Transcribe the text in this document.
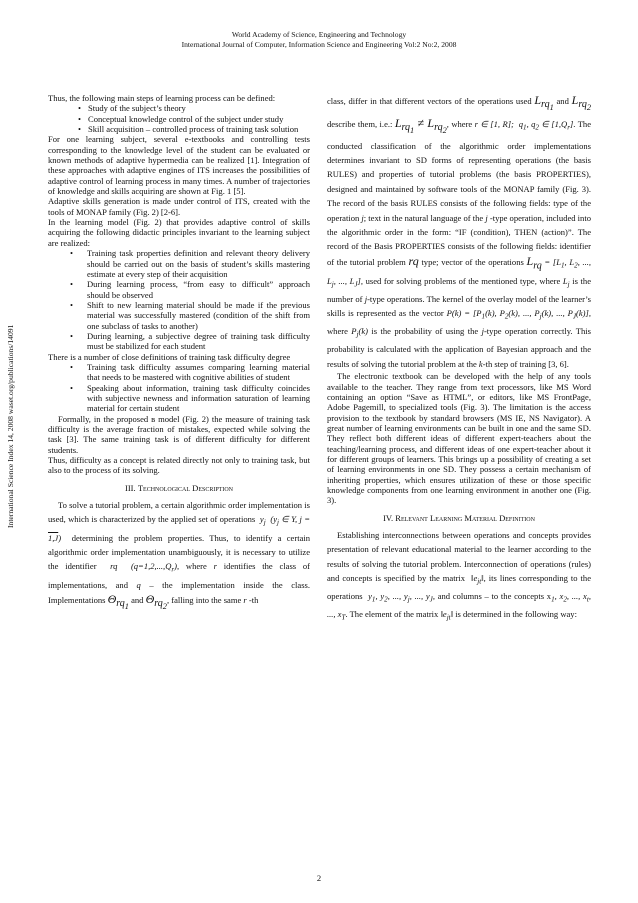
World Academy of Science, Engineering and Technology
International Journal of Computer, Information Science and Engineering Vol:2 No:2, 2008
International Science Index 14, 2008 waset.org/publications/14091

Thus, the following main steps of learning process can be defined:

• Study of the subject’s theory
• Conceptual knowledge control of the subject under study
• Skill acquisition – controlled process of training task solution

For one learning subject, several e-textbooks and controlling tests corresponding to the knowledge level of the student can be evaluated or known methods of adaptive hypermedia can be realized [1]. Integration of these approaches with adaptive engines of ITS increases the possibilities of adaptive control of learning process in many times. A number of trajectories of knowledge and skills acquiring are shown at Fig. 1 [5].

Adaptive skills generation is made under control of ITS, created with the tools of MONAP family (Fig. 2) [2-6].

In the learning model (Fig. 2) that provides adaptive control of skills acquiring the following didactic principles invariant to the learning subject are realized:

• Training task properties definition and relevant theory delivery should be carried out on the basis of student’s skills mastering estimate at every step of their acquisition
• During learning process, “from easy to difficult” approach should be observed
• Shift to new learning material should be made if the previous material was successfully mastered (condition of the shift from one subclass of tasks to another)
• During learning, a subjective degree of training task difficulty must be stabilized for each student

There is a number of close definitions of training task difficulty degree

• Training task difficulty assumes comparing learning material that needs to be mastered with cognitive abilities of student
• Speaking about information, training task difficulty coincides with subjective newness and information saturation of learning material for certain student

Formally, in the proposed в model (Fig. 2) the measure of training task difficulty is the average fraction of mistakes, expected while solving the task [3]. The same training task is of different difficulty for different students.

Thus, difficulty as a concept is related directly not only to training task, but also to the process of its solving.

III. Technological Description

To solve a tutorial problem, a certain algorithmic order implementation is used, which is characterized by the applied set of operations  $y_j$  ($y_j$ ∈ Y, j = 1,J)  determining the problem properties. Thus, to identify a certain algorithmic order implementation unambiguously, it is necessary to utilize the identifier  rq  $(q=1,2,...,Q_r)$, where r identifies the class of implementations, and q – the implementation inside the class. Implementations $\Theta_{rq_1}$ and $\Theta_{rq_2}$, falling into the same r -th

class, differ in that different vectors of the operations used $L_{rq_1}$ and $L_{rq_2}$ describe them, i.e.: $L_{rq_1} \ne L_{rq_2}$, where r ∈ [1, R];  $q_1$, $q_2$ ∈ $[1,Q_r]$. The conducted classification of the algorithmic order implementations determines invariant to SD forms of representing operations (the basis RULES) and properties of tutorial problems (the basis PROPERTIES), designed and maintained by software tools of the MONAP family (Fig. 3). The record of the basis RULES consists of the following fields: type of the operation j; text in the natural language of the j -type operation, included into the algorithmic order in the form: “IF (condition), THEN (action)”. The record of the Basis PROPERTIES consists of the following fields: identifier of the tutorial problem rq type; vector of the operations $L_{rq} = [L_1$, $L_2$, ..., $L_j$, ..., $L_J$], used for solving problems of the mentioned type, where $L_j$ is the number of j-type operations. The kernel of the overlay model of the learner’s skills is represented as the vector $P(k) = [P_1(k)$, $P_2(k)$, ..., $P_j(k)$, ..., $P_J(k)$], where $P_j(k)$ is the probability of using the j-type operation correctly. This probability is calculated with the application of Bayesian approach and the results of solving the tutorial problem at the k-th step of training [3, 6].

The electronic textbook can be developed with the help of any tools available to the teacher. They range from text processors, like MS Word containing an option “Save as HTML”, or editors, like MS FrontPage, Adobe Pagemill, to specialized tools (Fig. 3). The limitation is the access provision to the textbook by standard browsers (MS IE, NS Navigator). A great number of learning environments can be built in one and the same SD. They reflect both different ideas of different expert-teachers about the teaching/learning process, and different ideas of one expert-teacher about it for different groups of learners. This brings up a possibility of creating a set of learning environments in one SD. They possess a certain mechanism of inheriting properties, which ensures utilization of these or those specific knowledge components from one learning environment in another one (Fig. 3).

IV. Relevant Learning Material Definition

Establishing interconnections between operations and concepts provides presentation of relevant educational material to the learner according to the results of solving the tutorial problem. Interconnection of operations (rules) and concepts is specified by the matrix  $‖e_{jt}‖$, its lines corresponding to the operations  $y_1$, $y_2$, ..., $y_j$, ..., $y_J$, and columns – to the concepts $x_1$, $x_2$, ..., $x_t$, ..., $x_T$. The element of the matrix $‖e_{jt}‖$ is determined in the following way:

2
